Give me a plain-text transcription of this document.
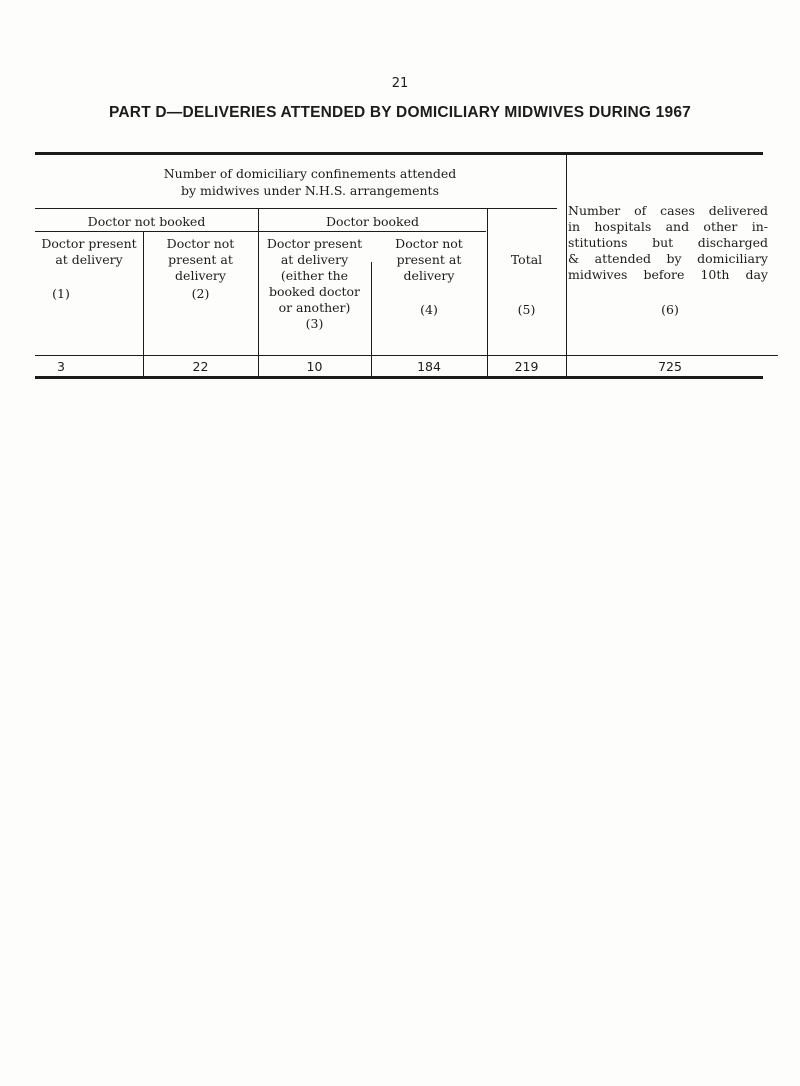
21
PART D—DELIVERIES ATTENDED BY DOMICILIARY MIDWIVES DURING 1967
Number of domiciliary confinements attended
by midwives under N.H.S. arrangements
Doctor not booked	Doctor booked
Doctor present
at delivery
(1)
Doctor not
present at
delivery
(2)
Doctor present
at delivery
(either the
booked doctor
or another)
(3)
Doctor not
present at
delivery
(4)
Total
(5)
Number of cases delivered
in hospitals and other in-
stitutions but discharged
& attended by domiciliary
midwives before 10th day
(6)
3	22	10	184	219	725
